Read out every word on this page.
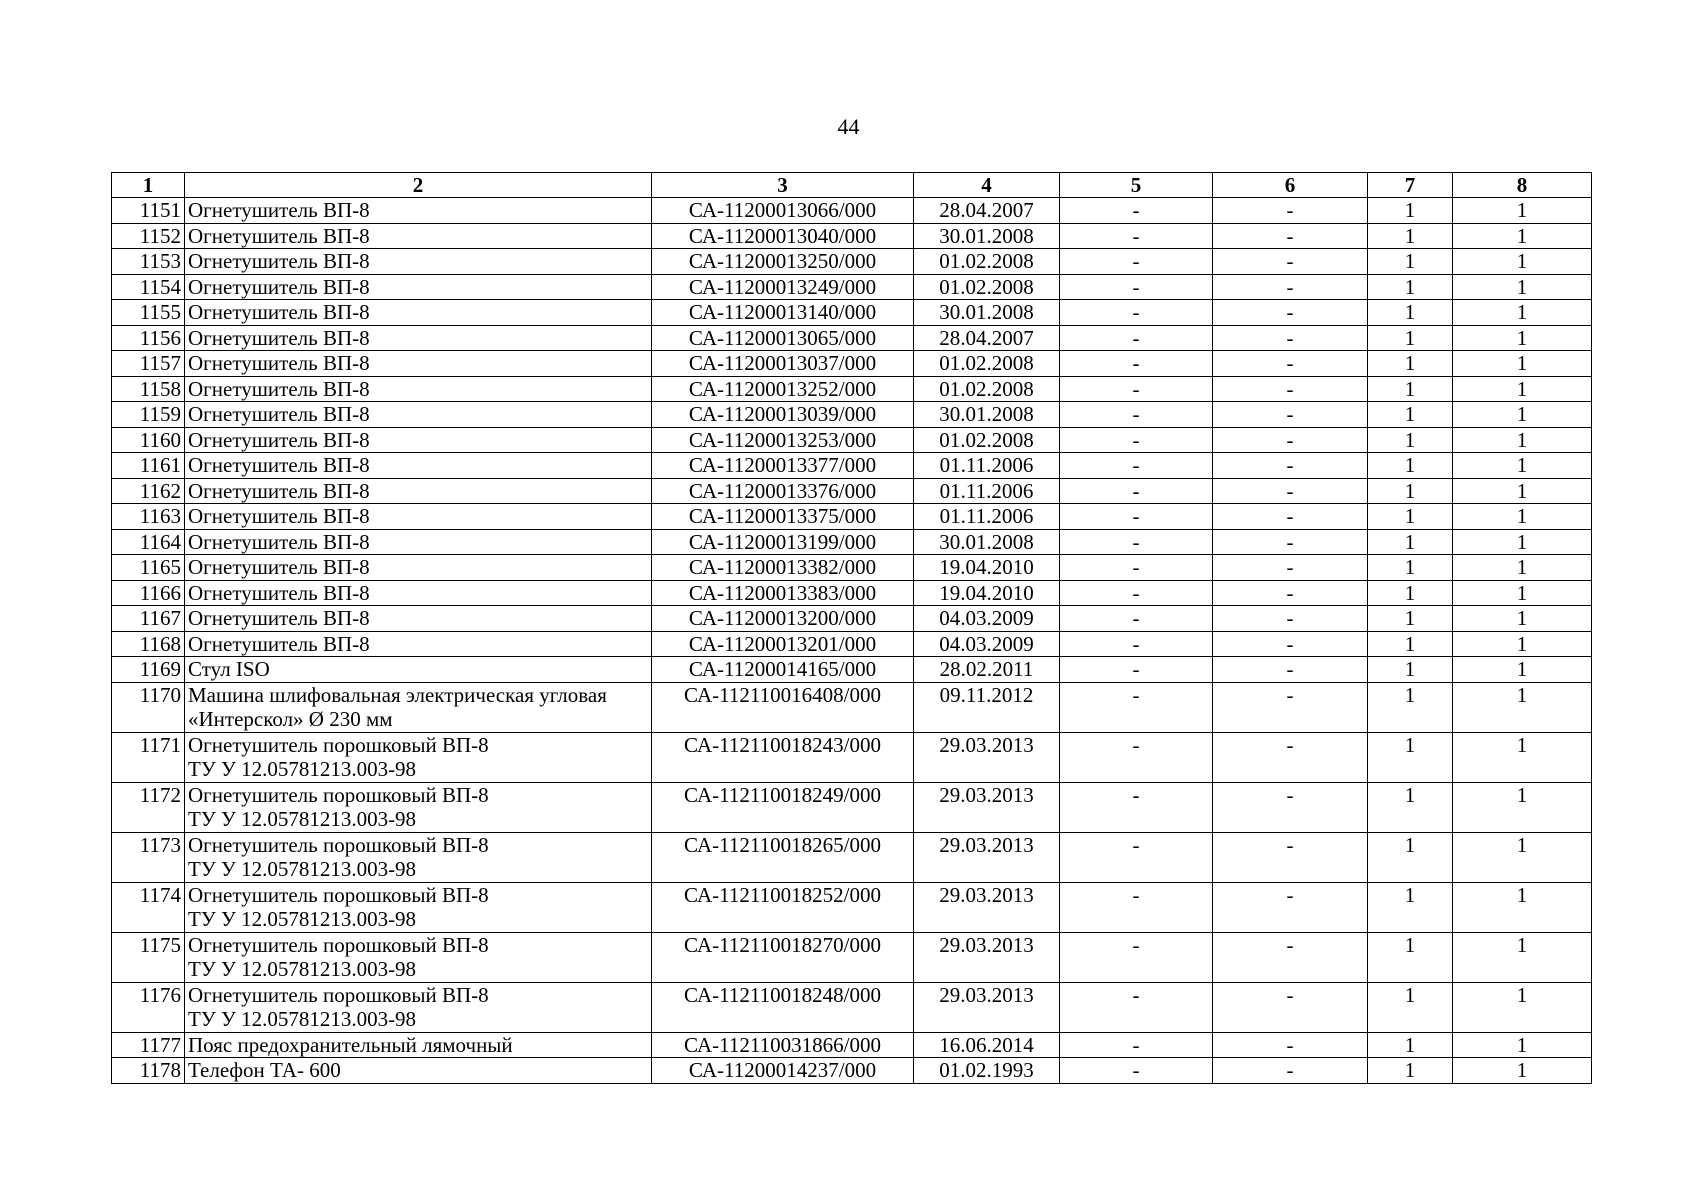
44
1	2	3	4	5	6	7	8
1151	Огнетушитель ВП-8	СА-11200013066/000	28.04.2007	-	-	1	1
1152	Огнетушитель ВП-8	СА-11200013040/000	30.01.2008	-	-	1	1
1153	Огнетушитель ВП-8	СА-11200013250/000	01.02.2008	-	-	1	1
1154	Огнетушитель ВП-8	СА-11200013249/000	01.02.2008	-	-	1	1
1155	Огнетушитель ВП-8	СА-11200013140/000	30.01.2008	-	-	1	1
1156	Огнетушитель ВП-8	СА-11200013065/000	28.04.2007	-	-	1	1
1157	Огнетушитель ВП-8	СА-11200013037/000	01.02.2008	-	-	1	1
1158	Огнетушитель ВП-8	СА-11200013252/000	01.02.2008	-	-	1	1
1159	Огнетушитель ВП-8	СА-11200013039/000	30.01.2008	-	-	1	1
1160	Огнетушитель ВП-8	СА-11200013253/000	01.02.2008	-	-	1	1
1161	Огнетушитель ВП-8	СА-11200013377/000	01.11.2006	-	-	1	1
1162	Огнетушитель ВП-8	СА-11200013376/000	01.11.2006	-	-	1	1
1163	Огнетушитель ВП-8	СА-11200013375/000	01.11.2006	-	-	1	1
1164	Огнетушитель ВП-8	СА-11200013199/000	30.01.2008	-	-	1	1
1165	Огнетушитель ВП-8	СА-11200013382/000	19.04.2010	-	-	1	1
1166	Огнетушитель ВП-8	СА-11200013383/000	19.04.2010	-	-	1	1
1167	Огнетушитель ВП-8	СА-11200013200/000	04.03.2009	-	-	1	1
1168	Огнетушитель ВП-8	СА-11200013201/000	04.03.2009	-	-	1	1
1169	Стул ISO	СА-11200014165/000	28.02.2011	-	-	1	1
1170	Машина шлифовальная электрическая угловая
«Интерскол» Ø 230 мм	СА-112110016408/000	09.11.2012	-	-	1	1
1171	Огнетушитель порошковый ВП-8
ТУ У 12.05781213.003-98	СА-112110018243/000	29.03.2013	-	-	1	1
1172	Огнетушитель порошковый ВП-8
ТУ У 12.05781213.003-98	СА-112110018249/000	29.03.2013	-	-	1	1
1173	Огнетушитель порошковый ВП-8
ТУ У 12.05781213.003-98	СА-112110018265/000	29.03.2013	-	-	1	1
1174	Огнетушитель порошковый ВП-8
ТУ У 12.05781213.003-98	СА-112110018252/000	29.03.2013	-	-	1	1
1175	Огнетушитель порошковый ВП-8
ТУ У 12.05781213.003-98	СА-112110018270/000	29.03.2013	-	-	1	1
1176	Огнетушитель порошковый ВП-8
ТУ У 12.05781213.003-98	СА-112110018248/000	29.03.2013	-	-	1	1
1177	Пояс предохранительный лямочный	СА-112110031866/000	16.06.2014	-	-	1	1
1178	Телефон ТА- 600	СА-11200014237/000	01.02.1993	-	-	1	1
